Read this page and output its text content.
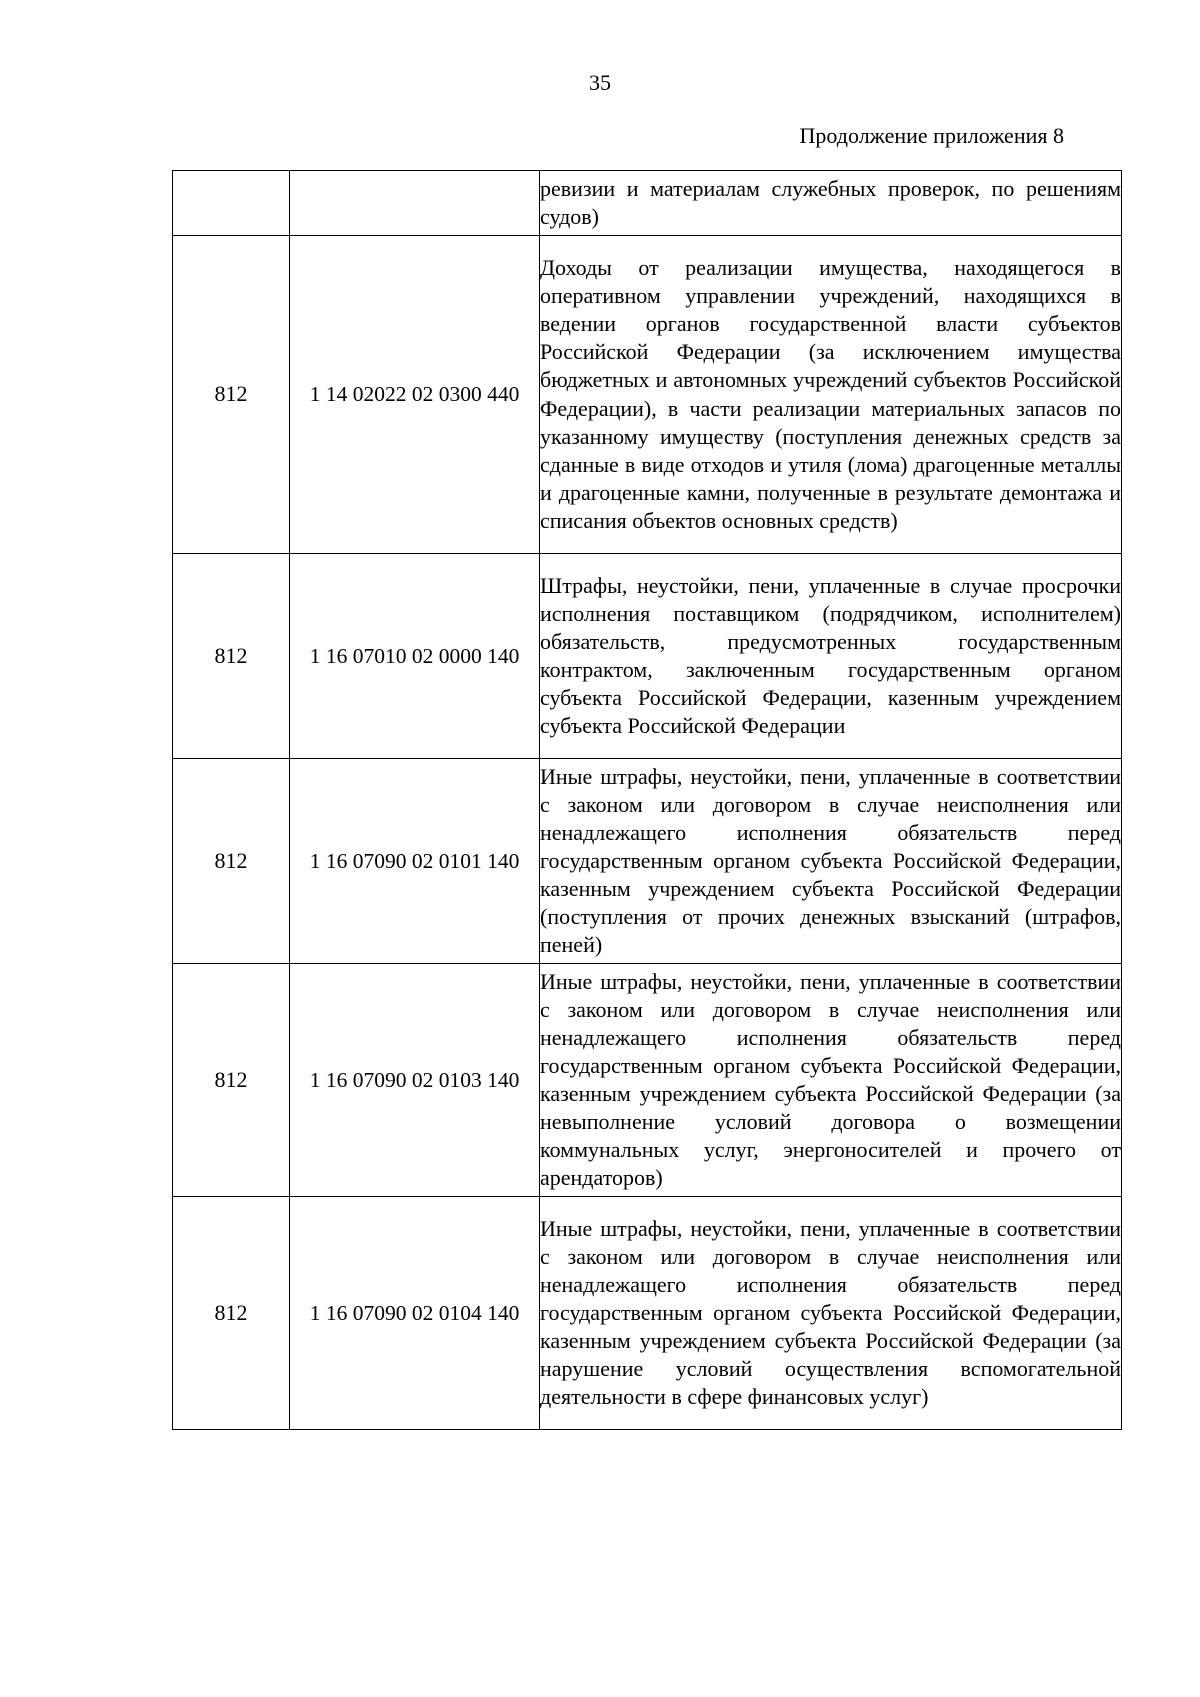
35
Продолжение приложения 8

		ревизии и материалам служебных проверок, по решениям судов)

812	1 14 02022 02 0300 440	Доходы от реализации имущества, находящегося в оперативном управлении учреждений, находящихся в ведении органов государственной власти субъектов Российской Федерации (за исключением имущества бюджетных и автономных учреждений субъектов Российской Федерации), в части реализации материальных запасов по указанному имуществу (поступления денежных средств за сданные в виде отходов и утиля (лома) драгоценные металлы и драгоценные камни, полученные в результате демонтажа и списания объектов основных средств)

812	1 16 07010 02 0000 140	Штрафы, неустойки, пени, уплаченные в случае просрочки исполнения поставщиком (подрядчиком, исполнителем) обязательств, предусмотренных государственным контрактом, заключенным государственным органом субъекта Российской Федерации, казенным учреждением субъекта Российской Федерации

812	1 16 07090 02 0101 140	Иные штрафы, неустойки, пени, уплаченные в соответствии с законом или договором в случае неисполнения или ненадлежащего исполнения обязательств перед государственным органом субъекта Российской Федерации, казенным учреждением субъекта Российской Федерации (поступления от прочих денежных взысканий (штрафов, пеней)

812	1 16 07090 02 0103 140	Иные штрафы, неустойки, пени, уплаченные в соответствии с законом или договором в случае неисполнения или ненадлежащего исполнения обязательств перед государственным органом субъекта Российской Федерации, казенным учреждением субъекта Российской Федерации (за невыполнение условий договора о возмещении коммунальных услуг, энергоносителей и прочего от арендаторов)

812	1 16 07090 02 0104 140	Иные штрафы, неустойки, пени, уплаченные в соответствии с законом или договором в случае неисполнения или ненадлежащего исполнения обязательств перед государственным органом субъекта Российской Федерации, казенным учреждением субъекта Российской Федерации (за нарушение условий осуществления вспомогательной деятельности в сфере финансовых услуг)
